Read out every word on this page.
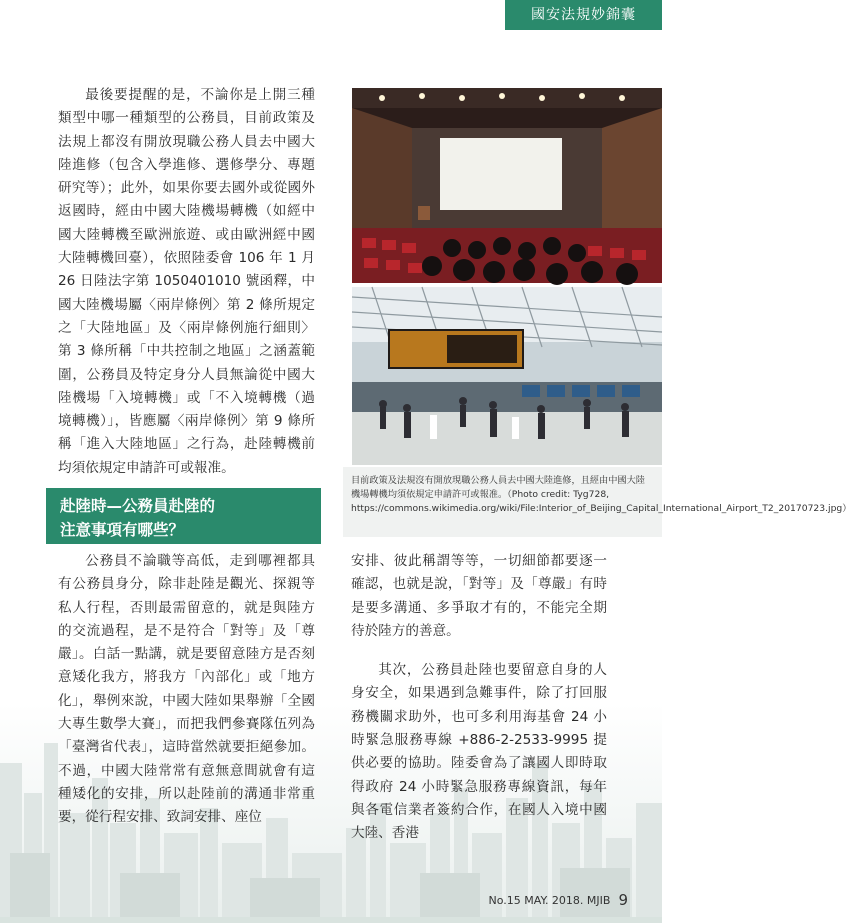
國安法規妙錦囊

最後要提醒的是，不論你是上開三種類型中哪一種類型的公務員，目前政策及法規上都沒有開放現職公務人員去中國大陸進修（包含入學進修、選修學分、專題研究等）；此外，如果你要去國外或從國外返國時，經由中國大陸機場轉機（如經中國大陸轉機至歐洲旅遊、或由歐洲經中國大陸轉機回臺），依照陸委會 106 年 1 月 26 日陸法字第 1050401010 號函釋，中國大陸機場屬〈兩岸條例〉第 2 條所規定之「大陸地區」及〈兩岸條例施行細則〉第 3 條所稱「中共控制之地區」之涵蓋範圍，公務員及特定身分人員無論從中國大陸機場「入境轉機」或「不入境轉機（過境轉機）」，皆應屬〈兩岸條例〉第 9 條所稱「進入大陸地區」之行為，赴陸轉機前均須依規定申請許可或報准。

赴陸時—公務員赴陸的
注意事項有哪些？

公務員不論職等高低，走到哪裡都具有公務員身分，除非赴陸是觀光、探親等私人行程，否則最需留意的，就是與陸方的交流過程，是不是符合「對等」及「尊嚴」。白話一點講，就是要留意陸方是否刻意矮化我方，將我方「內部化」或「地方化」，舉例來說，中國大陸如果舉辦「全國大專生數學大賽」，而把我們參賽隊伍列為「臺灣省代表」，這時當然就要拒絕參加。不過，中國大陸常常有意無意間就會有這種矮化的安排，所以赴陸前的溝通非常重要，從行程安排、致詞安排、座位

安排、彼此稱謂等等，一切細節都要逐一確認，也就是說，「對等」及「尊嚴」有時是要多溝通、多爭取才有的，不能完全期待於陸方的善意。

其次，公務員赴陸也要留意自身的人身安全，如果遇到急難事件，除了打回服務機關求助外，也可多利用海基會 24 小時緊急服務專線 +886-2-2533-9995 提供必要的協助。陸委會為了讓國人即時取得政府 24 小時緊急服務專線資訊，每年與各電信業者簽約合作，在國人入境中國大陸、香港

目前政策及法規沒有開放現職公務人員去中國大陸進修，且經由中國大陸機場轉機均須依規定申請許可或報准。（Photo credit: Tyg728, https://commons.wikimedia.org/wiki/File:Interior_of_Beijing_Capital_International_Airport_T2_20170723.jpg）
No.15 MAY. 2018. MJIB 9
